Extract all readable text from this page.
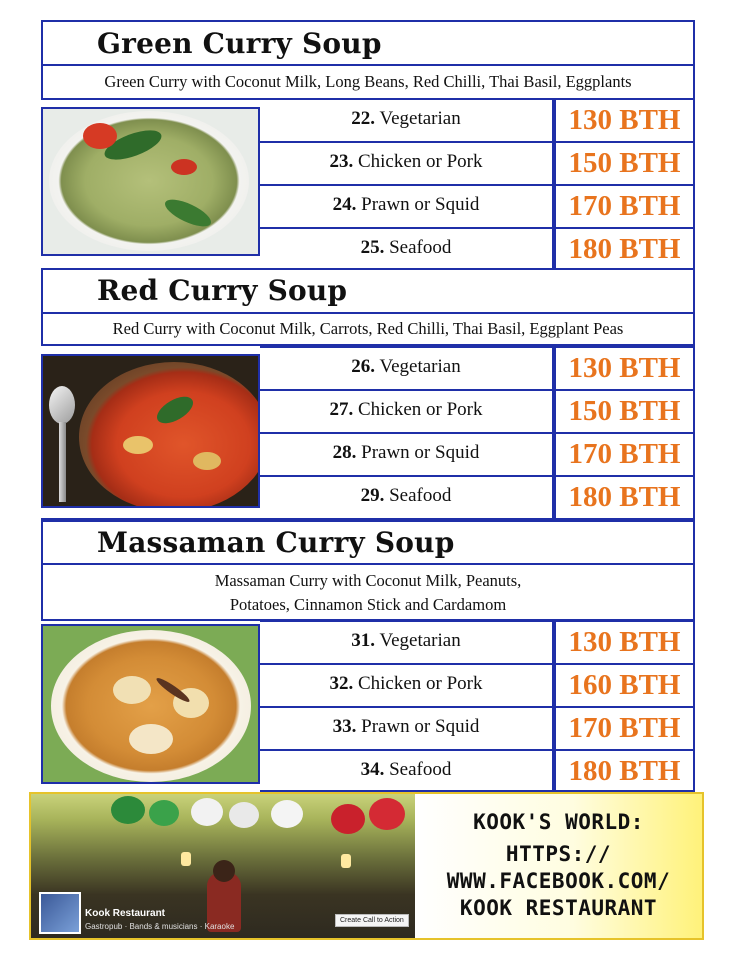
Green Curry Soup
Green Curry with Coconut Milk, Long Beans, Red Chilli, Thai Basil, Eggplants
22. Vegetarian	130 BTH
23. Chicken or Pork	150 BTH
24. Prawn or Squid	170 BTH
25. Seafood	180 BTH
Red Curry Soup
Red Curry with Coconut Milk, Carrots, Red Chilli, Thai Basil, Eggplant Peas
26. Vegetarian	130 BTH
27. Chicken or Pork	150 BTH
28. Prawn or Squid	170 BTH
29. Seafood	180 BTH
Massaman Curry Soup
Massaman Curry with Coconut Milk, Peanuts,
Potatoes, Cinnamon Stick and Cardamom
31. Vegetarian	130 BTH
32. Chicken or Pork	160 BTH
33. Prawn or Squid	170 BTH
34. Seafood	180 BTH
Kook Restaurant
Gastropub · Bands & musicians · Karaoke
Create Call to Action
KOOK'S WORLD:
HTTPS://
WWW.FACEBOOK.COM/
KOOK RESTAURANT
